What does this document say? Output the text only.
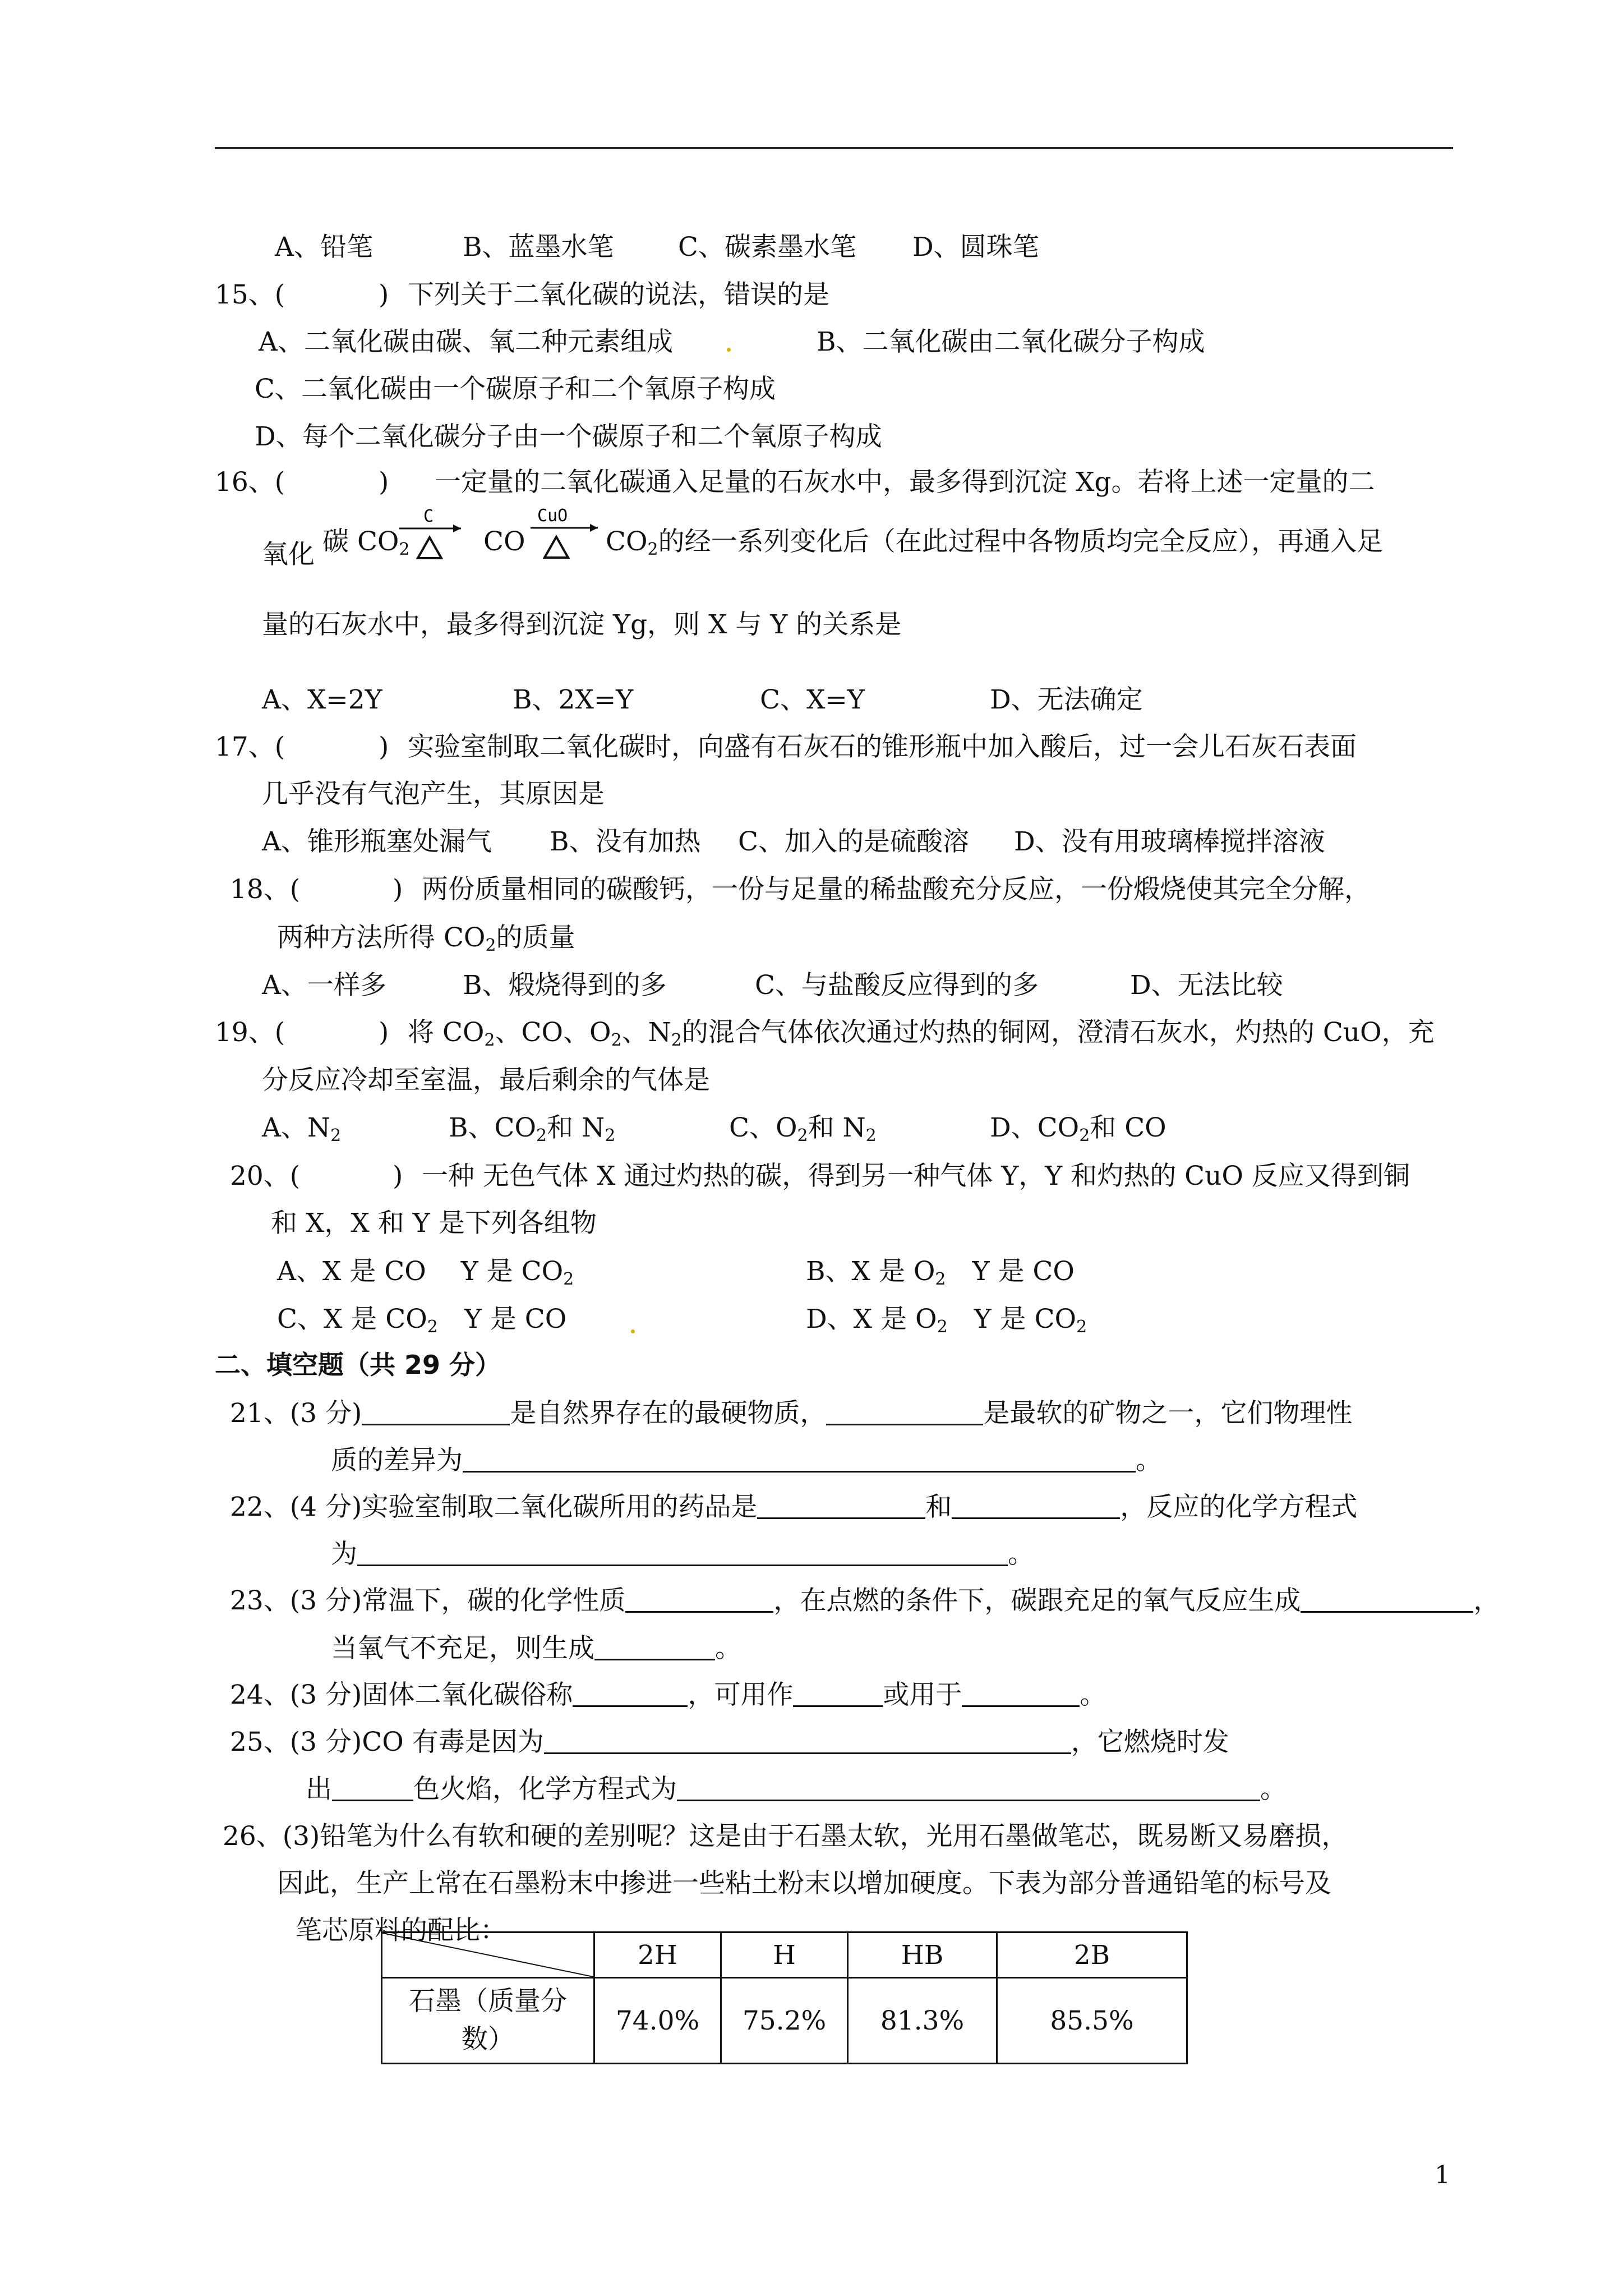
A、铅笔	B、蓝墨水笔 C、碳素墨水笔 D、圆珠笔
15、(	) 下列关于二氧化碳的说法，错误的是
A、二氧化碳由碳、氧二种元素组成	B、二氧化碳由二氧化碳分子构成
C、二氧化碳由一个碳原子和二个氧原子构成
D、每个二氧化碳分子由一个碳原子和二个氧原子构成
16、(	) 一定量的二氧化碳通入足量的石灰水中，最多得到沉淀 Xg。若将上述一定量的二
氧化 碳 $CO_2$
C
CO
CuO
$CO_2$的经一系列变化后（在此过程中各物质均完全反应），再通入足
量的石灰水中，最多得到沉淀 Yg，则 X 与 Y 的关系是
A、X=2Y	B、2X=Y	C、X=Y	D、无法确定
17、(	) 实验室制取二氧化碳时，向盛有石灰石的锥形瓶中加入酸后，过一会儿石灰石表面
几乎没有气泡产生，其原因是
A、锥形瓶塞处漏气 B、没有加热 C、加入的是硫酸溶 D、没有用玻璃棒搅拌溶液
18、(	) 两份质量相同的碳酸钙，一份与足量的稀盐酸充分反应，一份煅烧使其完全分解，
两种方法所得 $CO_2$的质量
A、一样多	B、煅烧得到的多	C、与盐酸反应得到的多	D、无法比较
19、(	) 将 $CO_2$、CO、$O_2$、$N_2$的混合气体依次通过灼热的铜网，澄清石灰水，灼热的 CuO，充
分反应冷却至室温，最后剩余的气体是
A、$N_2$	B、$CO_2$和 $N_2$	C、$O_2$和 $N_2$	D、$CO_2$和 CO
20、(	) 一种 无色气体 X 通过灼热的碳，得到另一种气体 Y，Y 和灼热的 CuO 反应又得到铜
和 X，X 和 Y 是下列各组物
A、X 是 CO　 Y 是 $CO_2$	B、X 是 $O_2$　Y 是 CO
C、X 是 $CO_2$　Y 是 CO	D、X 是 $O_2$　Y 是 $CO_2$
二、填空题（共 29 分）
21、(3 分)	是自然界存在的最硬物质，	是最软的矿物之一，它们物理性
质的差异为	。
22、(4 分)实验室制取二氧化碳所用的药品是	和	，反应的化学方程式
为	。
23、(3 分)常温下，碳的化学性质	，在点燃的条件下，碳跟充足的氧气反应生成	，
当氧气不充足，则生成	。
24、(3 分)固体二氧化碳俗称	，可用作	或用于	。
25、(3 分)CO 有毒是因为	，它燃烧时发
出	色火焰，化学方程式为	。
26、(3)铅笔为什么有软和硬的差别呢？这是由于石墨太软，光用石墨做笔芯，既易断又易磨损，
因此，生产上常在石墨粉末中掺进一些粘土粉末以增加硬度。下表为部分普通铅笔的标号及
笔芯原料的配比：
	2H	H	HB	2B
石墨（质量分
数）	74.0%	75.2%	81.3%	85.5%
1
